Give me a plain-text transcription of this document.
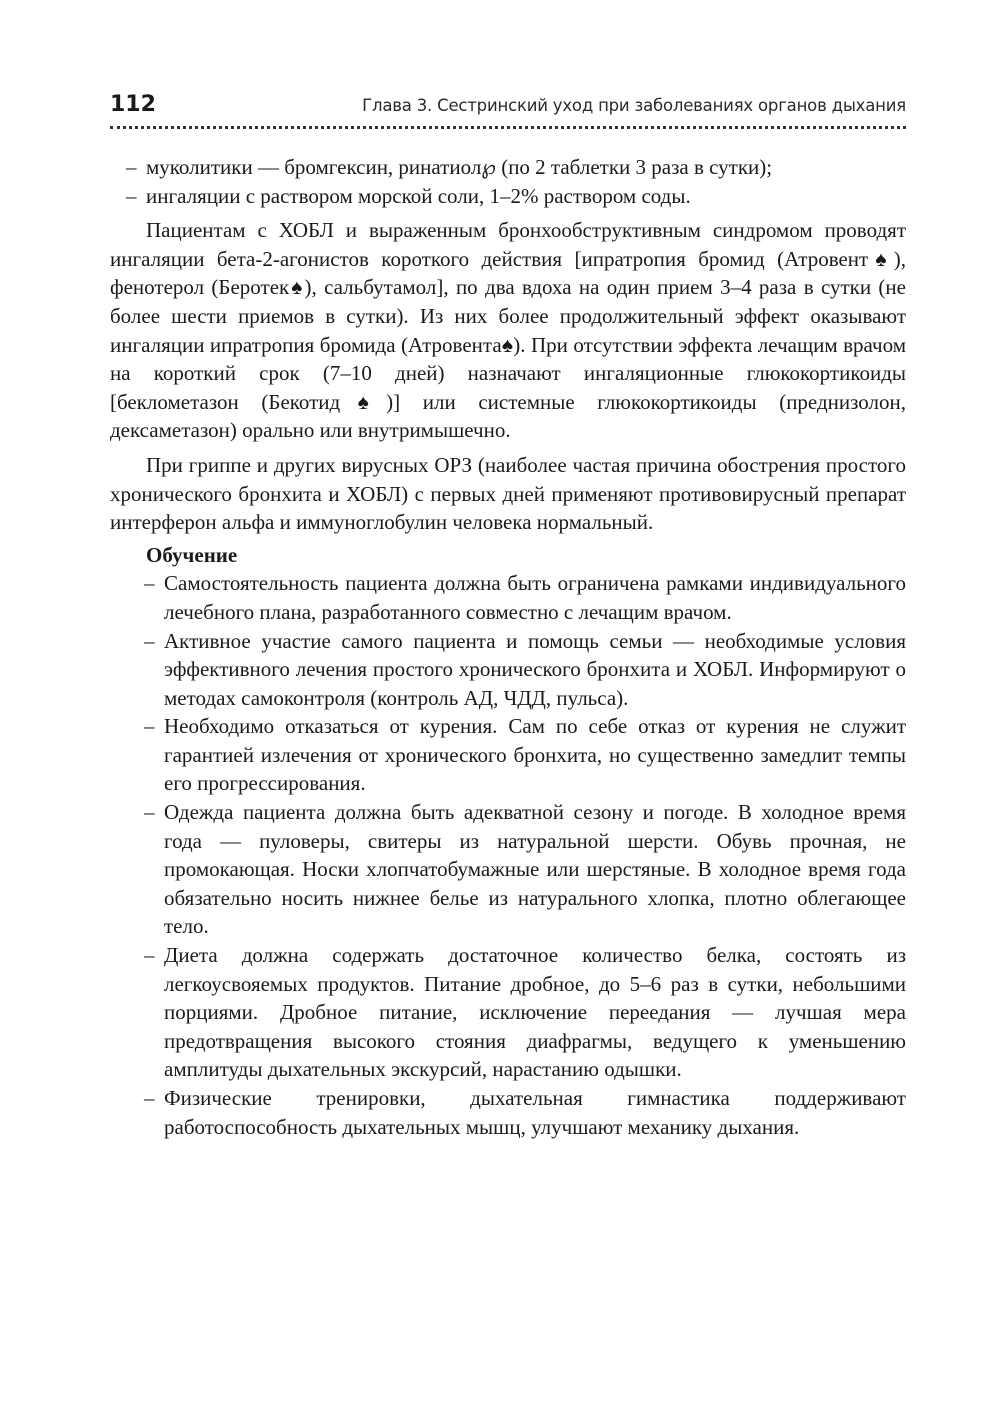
112	Глава 3. Сестринский уход при заболеваниях органов дыхания

– муколитики — бромгексин, ринатиол℘ (по 2 таблетки 3 раза в сутки);

– ингаляции с раствором морской соли, 1–2% раствором соды.

Пациентам с ХОБЛ и выраженным бронхообструктивным синдромом проводят ингаляции бета-2-агонистов короткого действия [ипратропия бромид (Атровент♠), фенотерол (Беротек♠), сальбутамол], по два вдоха на один прием 3–4 раза в сутки (не более шести приемов в сутки). Из них более продолжительный эффект оказывают ингаляции ипратропия бромида (Атровента♠). При отсутствии эффекта лечащим врачом на короткий срок (7–10 дней) назначают ингаляционные глюкокортикоиды [беклометазон (Бекотид♠)] или системные глюкокортикоиды (преднизолон, дексаметазон) орально или внутримышечно.

При гриппе и других вирусных ОРЗ (наиболее частая причина обострения простого хронического бронхита и ХОБЛ) с первых дней применяют противовирусный препарат интерферон альфа и иммуноглобулин человека нормальный.

Обучение

– Самостоятельность пациента должна быть ограничена рамками индивидуального лечебного плана, разработанного совместно с лечащим врачом.

– Активное участие самого пациента и помощь семьи — необходимые условия эффективного лечения простого хронического бронхита и ХОБЛ. Информируют о методах самоконтроля (контроль АД, ЧДД, пульса).

– Необходимо отказаться от курения. Сам по себе отказ от курения не служит гарантией излечения от хронического бронхита, но существенно замедлит темпы его прогрессирования.

– Одежда пациента должна быть адекватной сезону и погоде. В холодное время года — пуловеры, свитеры из натуральной шерсти. Обувь прочная, не промокающая. Носки хлопчатобумажные или шерстяные. В холодное время года обязательно носить нижнее белье из натурального хлопка, плотно облегающее тело.

– Диета должна содержать достаточное количество белка, состоять из легкоусвояемых продуктов. Питание дробное, до 5–6 раз в сутки, небольшими порциями. Дробное питание, исключение переедания — лучшая мера предотвращения высокого стояния диафрагмы, ведущего к уменьшению амплитуды дыхательных экскурсий, нарастанию одышки.

– Физические тренировки, дыхательная гимнастика поддерживают работоспособность дыхательных мышц, улучшают механику дыхания.
